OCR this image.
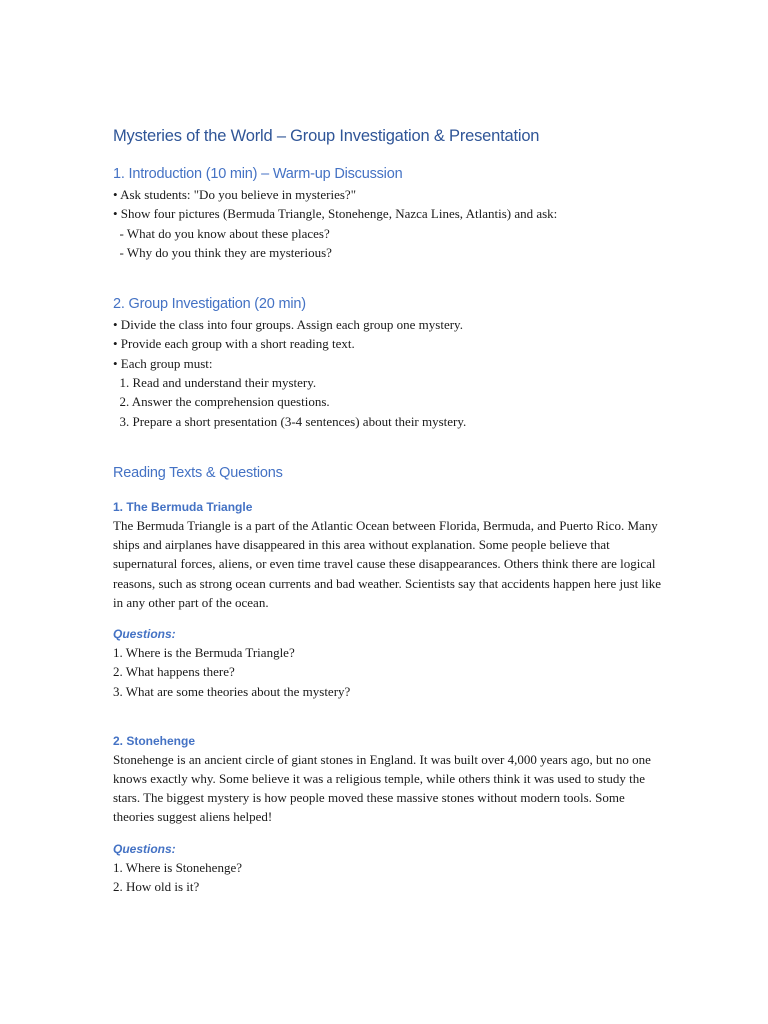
Mysteries of the World – Group Investigation & Presentation
1. Introduction (10 min) – Warm-up Discussion
• Ask students: "Do you believe in mysteries?"
• Show four pictures (Bermuda Triangle, Stonehenge, Nazca Lines, Atlantis) and ask:
- What do you know about these places?
- Why do you think they are mysterious?
2. Group Investigation (20 min)
• Divide the class into four groups. Assign each group one mystery.
• Provide each group with a short reading text.
• Each group must:
1. Read and understand their mystery.
2. Answer the comprehension questions.
3. Prepare a short presentation (3-4 sentences) about their mystery.
Reading Texts & Questions
1. The Bermuda Triangle
The Bermuda Triangle is a part of the Atlantic Ocean between Florida, Bermuda, and Puerto Rico. Many ships and airplanes have disappeared in this area without explanation. Some people believe that supernatural forces, aliens, or even time travel cause these disappearances. Others think there are logical reasons, such as strong ocean currents and bad weather. Scientists say that accidents happen here just like in any other part of the ocean.
Questions:
1. Where is the Bermuda Triangle?
2. What happens there?
3. What are some theories about the mystery?
2. Stonehenge
Stonehenge is an ancient circle of giant stones in England. It was built over 4,000 years ago, but no one knows exactly why. Some believe it was a religious temple, while others think it was used to study the stars. The biggest mystery is how people moved these massive stones without modern tools. Some theories suggest aliens helped!
Questions:
1. Where is Stonehenge?
2. How old is it?
